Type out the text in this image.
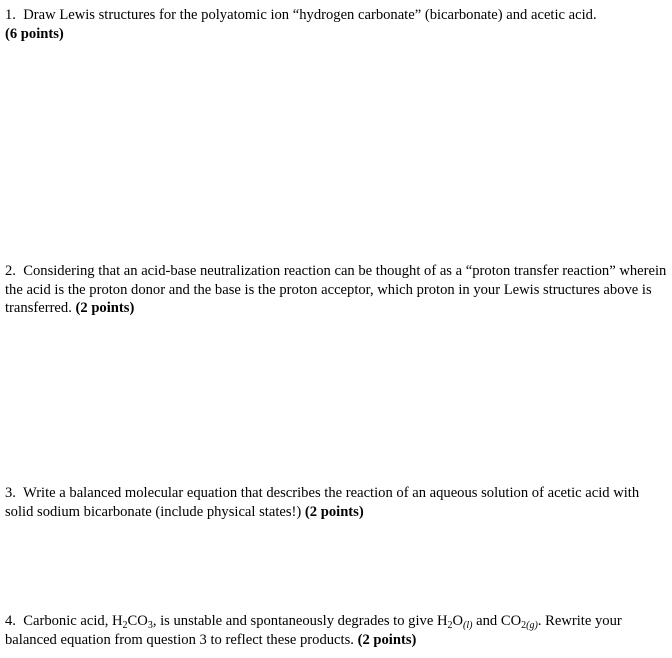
1. Draw Lewis structures for the polyatomic ion “hydrogen carbonate” (bicarbonate) and acetic acid.
(6 points)

2. Considering that an acid-base neutralization reaction can be thought of as a “proton transfer reaction” wherein the acid is the proton donor and the base is the proton acceptor, which proton in your Lewis structures above is transferred. (2 points)

3. Write a balanced molecular equation that describes the reaction of an aqueous solution of acetic acid with solid sodium bicarbonate (include physical states!) (2 points)

4. Carbonic acid, $H_2CO_3$, is unstable and spontaneously degrades to give $H_2O_{(l)}$ and $CO_{2(g)}$. Rewrite your balanced equation from question 3 to reflect these products. (2 points)
